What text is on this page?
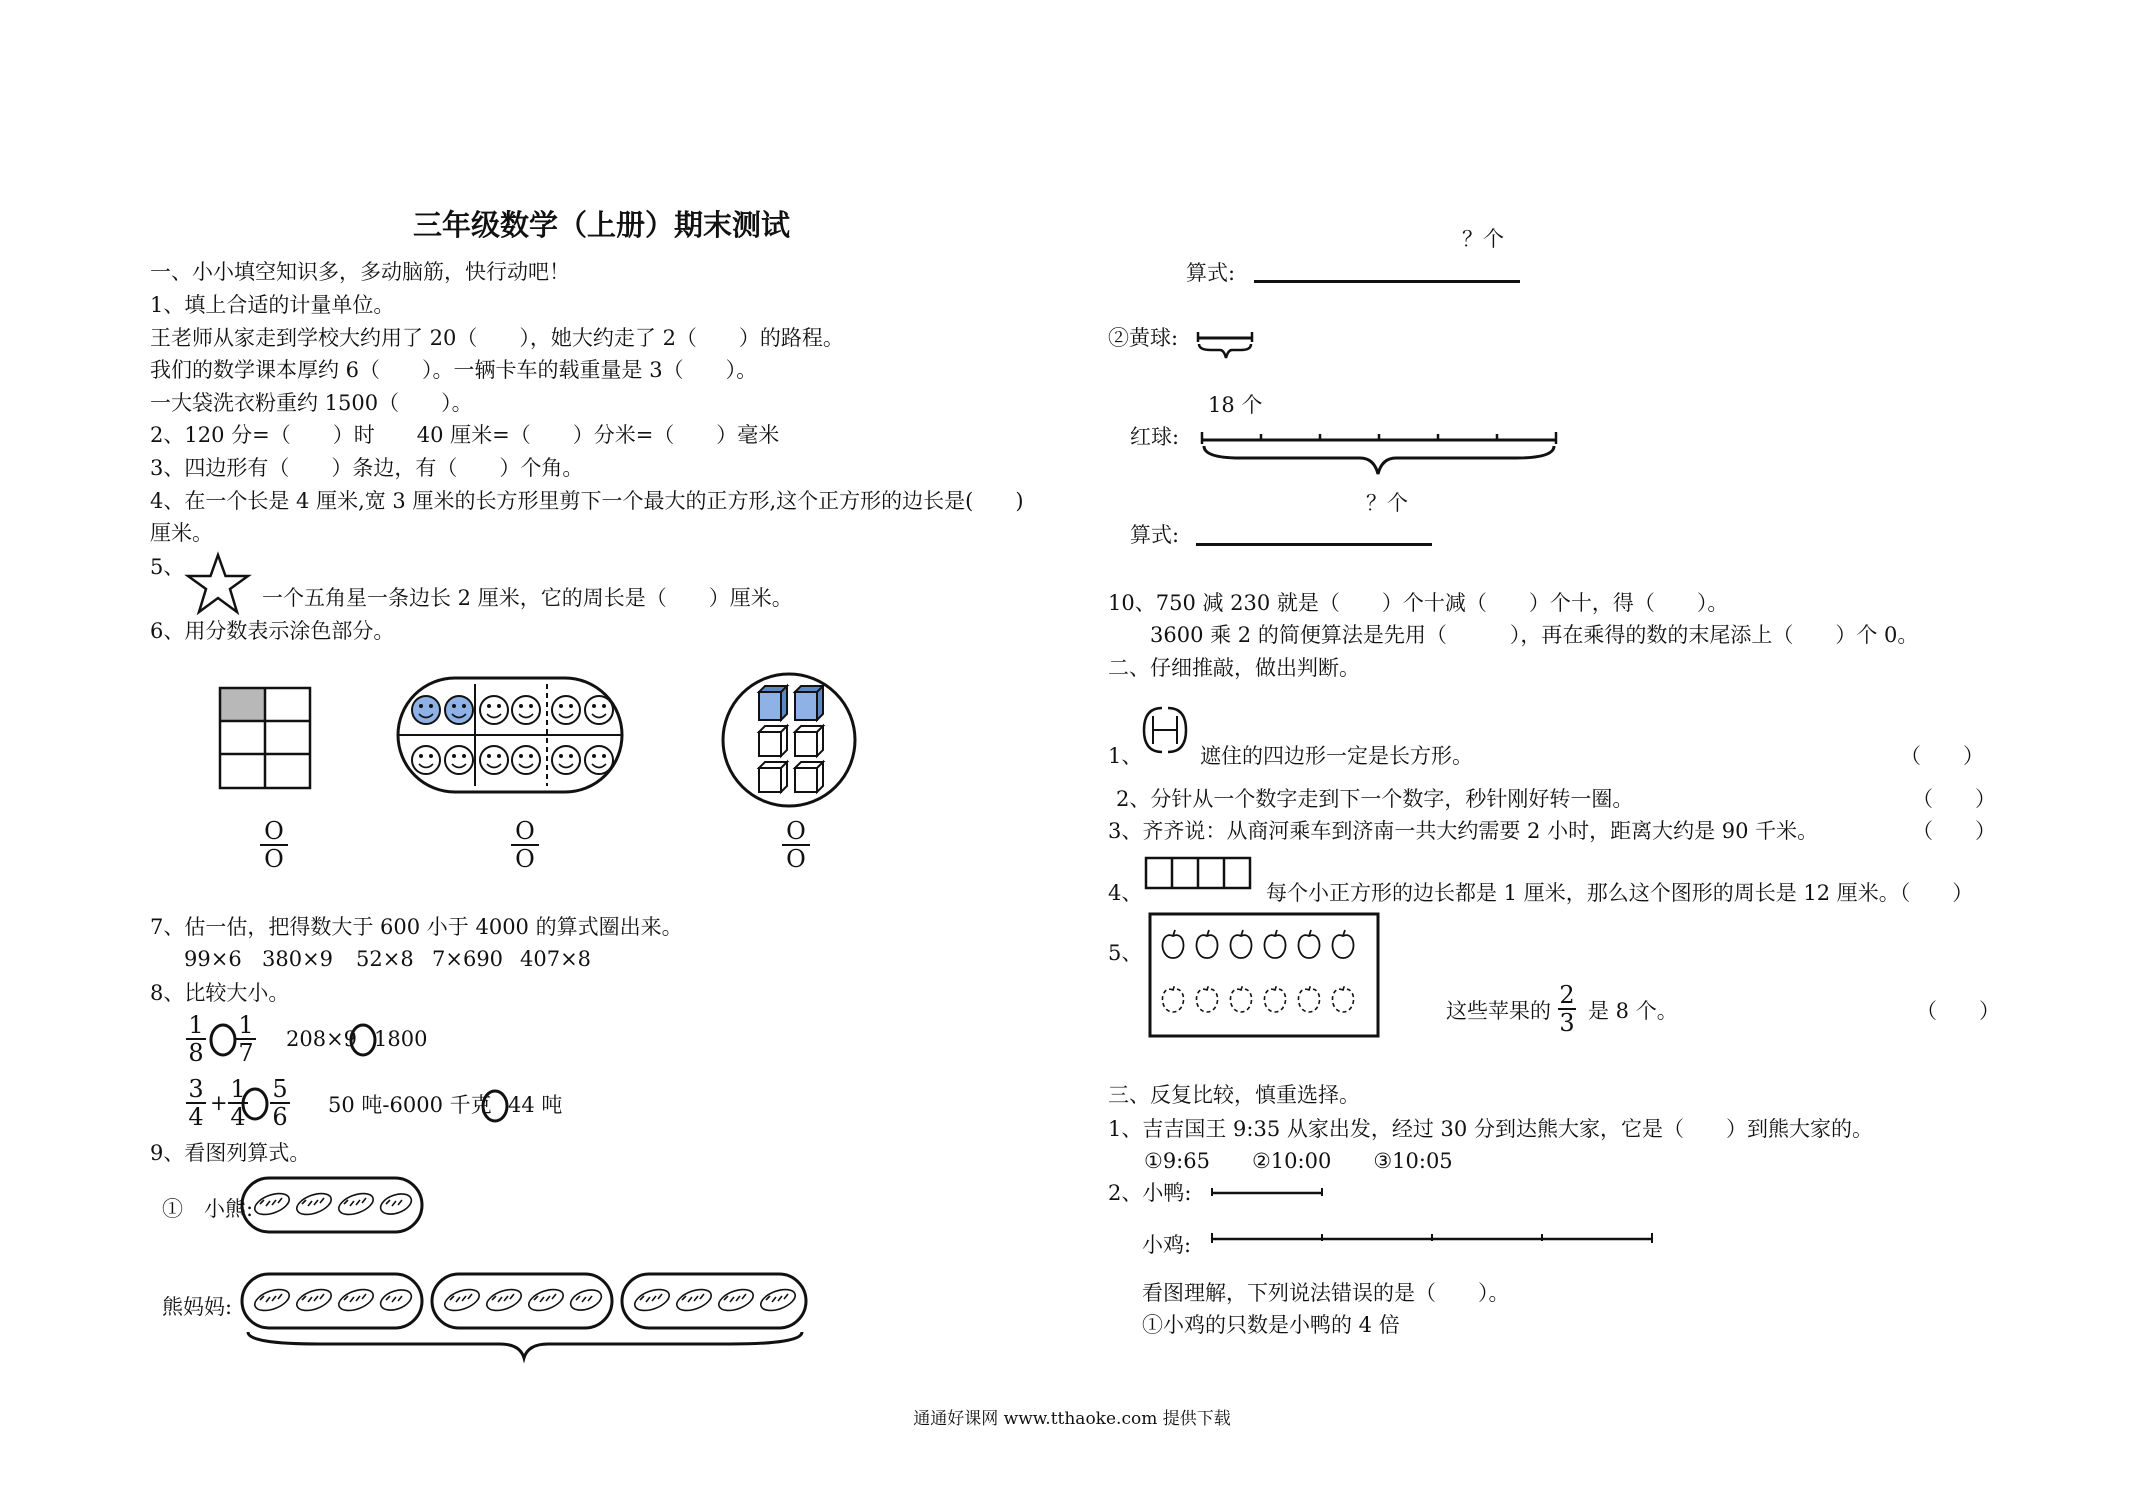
三年级数学（上册）期末测试
一、小小填空知识多，多动脑筋，快行动吧！
1、填上合适的计量单位。
王老师从家走到学校大约用了 20（　　），她大约走了 2（　　）的路程。
我们的数学课本厚约 6（　　）。一辆卡车的载重量是 3（　　）。
一大袋洗衣粉重约 1500（　　）。
2、120 分=（　　）时　　40 厘米=（　　）分米=（　　）毫米
3、四边形有（　　）条边，有（　　）个角。
4、在一个长是 4 厘米,宽 3 厘米的长方形里剪下一个最大的正方形,这个正方形的边长是(　　)
厘米。
5、
一个五角星一条边长 2 厘米，它的周长是（　　）厘米。
6、用分数表示涂色部分。
O
O
O
O
O
O
7、估一估，把得数大于 600 小于 4000 的算式圈出来。
99×6 380×9 52×8 7×690 407×8
8、比较大小。
1
8
1
7	208×9 1800
3
4 + 1
4
5
6	50 吨-6000 千克 44 吨
9、看图列算式。
①　小熊:
熊妈妈:
？个
算式:
②黄球:
18 个
红球:
？个
算式:
10、750 减 230 就是（　　）个十减（　　）个十，得（　　）。
3600 乘 2 的简便算法是先用（　　　），再在乘得的数的末尾添上（　　）个 0。
二、仔细推敲，做出判断。
1、	遮住的四边形一定是长方形。	（　　）
2、分针从一个数字走到下一个数字，秒针刚好转一圈。	（　　）
3、齐齐说：从商河乘车到济南一共大约需要 2 小时，距离大约是 90 千米。	（　　）
4、	每个小正方形的边长都是 1 厘米，那么这个图形的周长是 12 厘米。（　　）
5、
这些苹果的
2
3 是 8 个。	（　　）
三、反复比较，慎重选择。
1、吉吉国王 9:35 从家出发，经过 30 分到达熊大家，它是（　　）到熊大家的。
①9:65　　②10:00　　③10:05
2、小鸭:
小鸡:
看图理解，下列说法错误的是（　　）。
①小鸡的只数是小鸭的 4 倍
通通好课网 www.tthaoke.com 提供下载
